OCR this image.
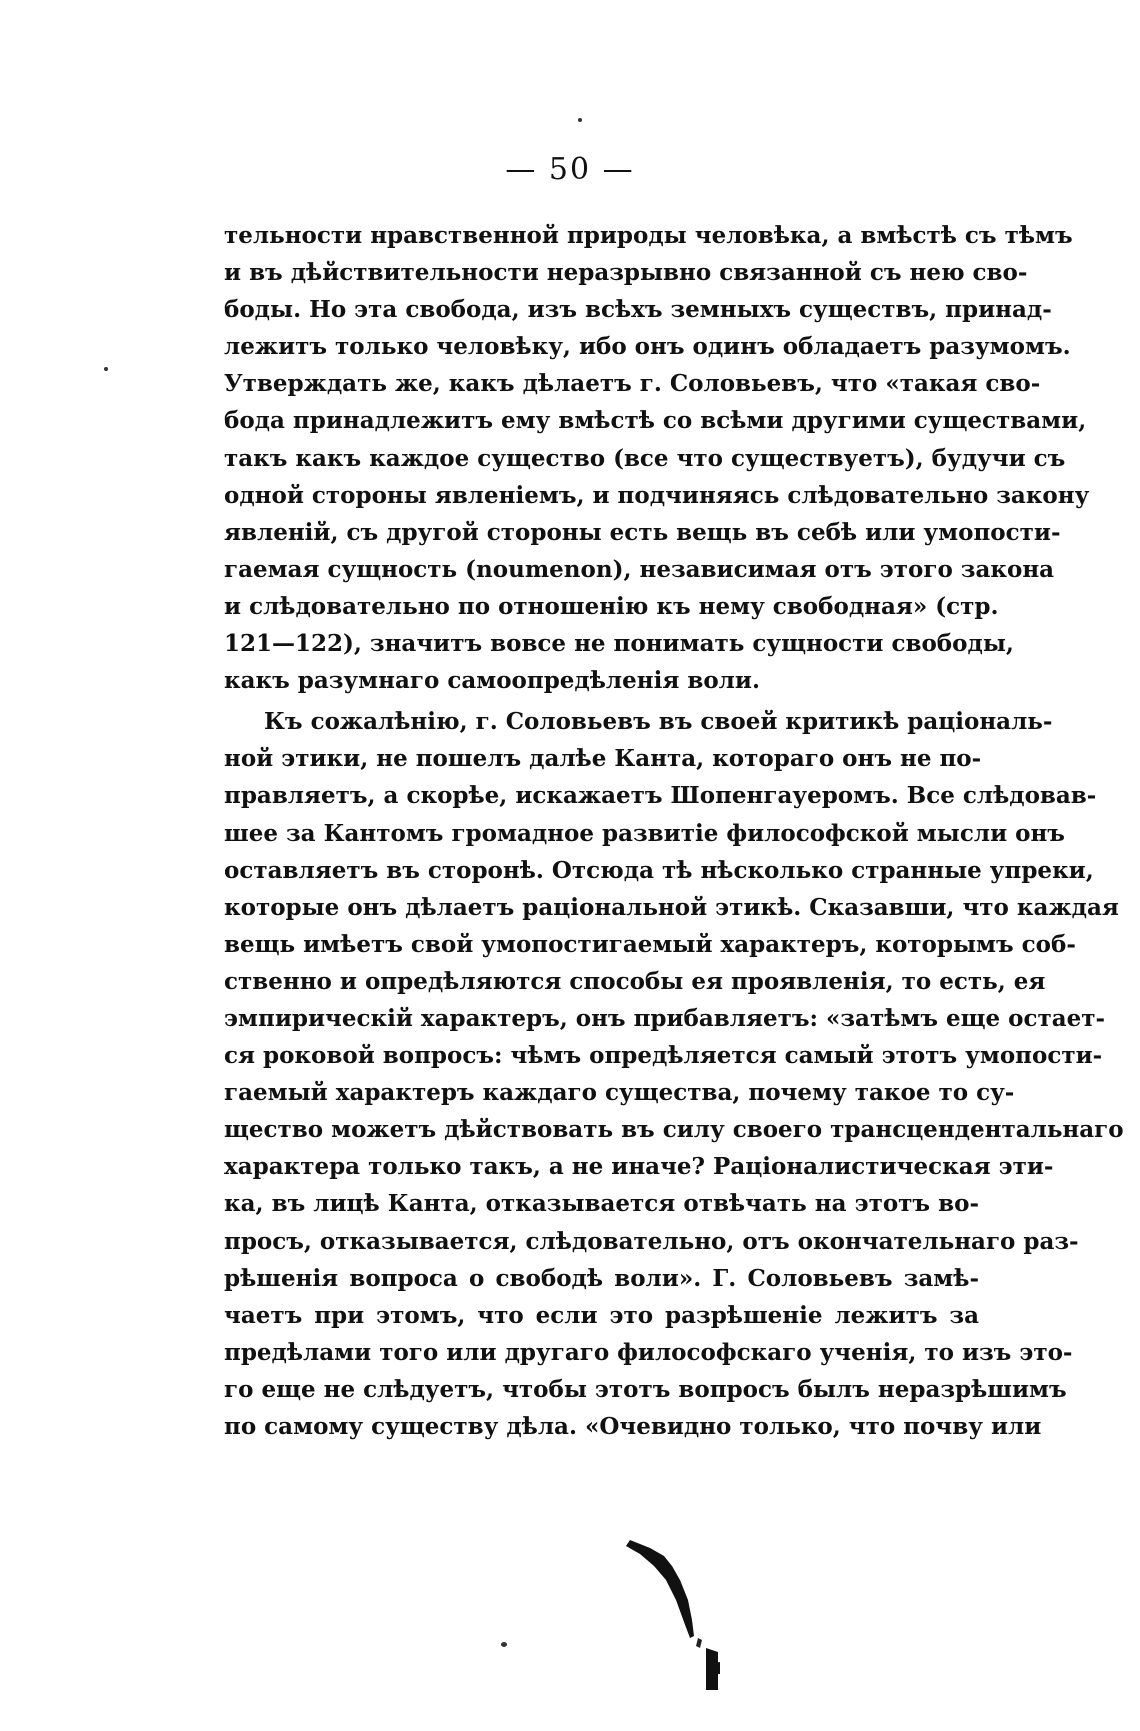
— 50 —
тельности нравственной природы человѣка, а вмѣстѣ съ тѣмъ
и въ дѣйствительности неразрывно связанной съ нею сво-
боды. Но эта свобода, изъ всѣхъ земныхъ существъ, принад-
лежитъ только человѣку, ибо онъ одинъ обладаетъ разумомъ.
Утверждать же, какъ дѣлаетъ г. Соловьевъ, что «такая сво-
бода принадлежитъ ему вмѣстѣ со всѣми другими существами,
такъ какъ каждое существо (все что существуетъ), будучи съ
одной стороны явленіемъ, и подчиняясь слѣдовательно закону
явленій, съ другой стороны есть вещь въ себѣ или умопости-
гаемая сущность (noumenon), независимая отъ этого закона
и слѣдовательно по отношенію къ нему свободная» (стр.
121—122), значитъ вовсе не понимать сущности свободы,
какъ разумнаго самоопредѣленія воли.
Къ сожалѣнію, г. Соловьевъ въ своей критикѣ раціональ-
ной этики, не пошелъ далѣе Канта, котораго онъ не по-
правляетъ, а скорѣе, искажаетъ Шопенгауеромъ. Все слѣдовав-
шее за Кантомъ громадное развитіе философской мысли онъ
оставляетъ въ сторонѣ. Отсюда тѣ нѣсколько странные упреки,
которые онъ дѣлаетъ раціональной этикѣ. Сказавши, что каждая
вещь имѣетъ свой умопостигаемый характеръ, которымъ соб-
ственно и опредѣляются способы ея проявленія, то есть, ея
эмпирическій характеръ, онъ прибавляетъ: «затѣмъ еще остает-
ся роковой вопросъ: чѣмъ опредѣляется самый этотъ умопости-
гаемый характеръ каждаго существа, почему такое то су-
щество можетъ дѣйствовать въ силу своего трансцендентальнаго
характера только такъ, а не иначе? Раціоналистическая эти-
ка, въ лицѣ Канта, отказывается отвѣчать на этотъ во-
просъ, отказывается, слѣдовательно, отъ окончательнаго раз-
рѣшенія вопроса о свободѣ воли». Г. Соловьевъ замѣ-
чаетъ при этомъ, что если это разрѣшеніе лежитъ за
предѣлами того или другаго философскаго ученія, то изъ это-
го еще не слѣдуетъ, чтобы этотъ вопросъ былъ неразрѣшимъ
по самому существу дѣла. «Очевидно только, что почву или
